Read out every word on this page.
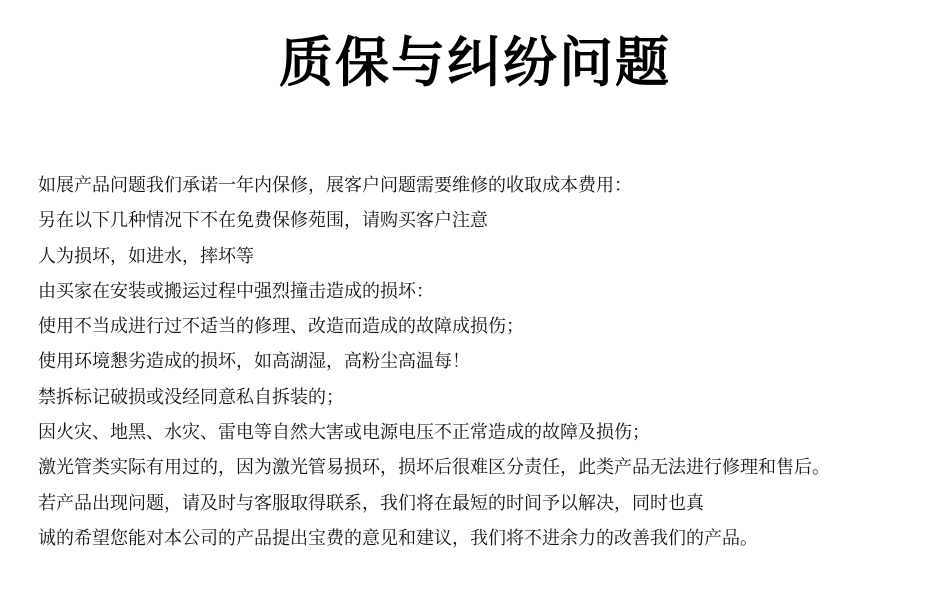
质保与纠纷问题
如展产品问题我们承诺一年内保修，展客户问题需要维修的收取成本费用：
另在以下几种情况下不在免费保修苑围，请购买客户注意
人为损坏，如进水，摔坏等
由买家在安装或搬运过程中强烈撞击造成的损坏：
使用不当成进行过不适当的修理、改造而造成的故障成损伤；
使用环境懇劣造成的损坏，如高湖湿，高粉尘高温每！
禁拆标记破损或没经同意私自拆装的；
因火灾、地黑、水灾、雷电等自然大害或电源电压不正常造成的故障及损伤；
激光管类实际有用过的，因为激光管易损环，损坏后很难区分责任，此类产品无法进行修理和售后。
若产品出现问题，请及时与客服取得联系，我们将在最短的时间予以解决，同时也真
诚的希望您能对本公司的产品提出宝费的意见和建议，我们将不进余力的改善我们的产品。
